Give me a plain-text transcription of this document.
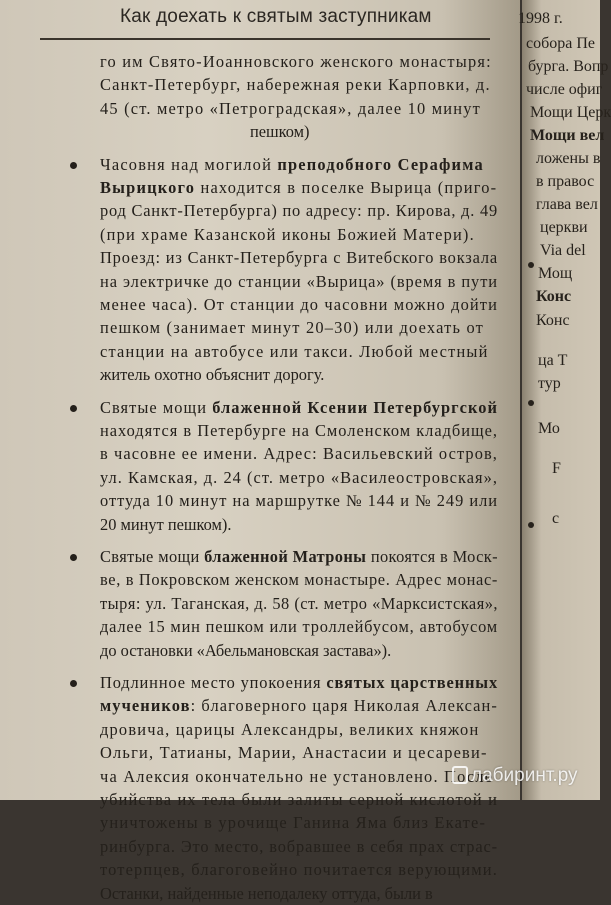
Как доехать к святым заступникам
го им Свято-Иоанновского женского монастыря:
Санкт-Петербург, набережная реки Карповки, д.
45 (ст. метро «Петроградская», далее 10 минут
пешком)
Часовня над могилой преподобного Серафима
Вырицкого находится в поселке Вырица (приго-
род Санкт-Петербурга) по адресу: пр. Кирова, д. 49
(при храме Казанской иконы Божией Матери).
Проезд: из Санкт-Петербурга с Витебского вокзала
на электричке до станции «Вырица» (время в пути
менее часа). От станции до часовни можно дойти
пешком (занимает минут 20–30) или доехать от
станции на автобусе или такси. Любой местный
житель охотно объяснит дорогу.
Святые мощи блаженной Ксении Петербургской
находятся в Петербурге на Смоленском кладбище,
в часовне ее имени. Адрес: Васильевский остров,
ул. Камская, д. 24 (ст. метро «Василеостровская»,
оттуда 10 минут на маршрутке № 144 и № 249 или
20 минут пешком).
Святые мощи блаженной Матроны покоятся в Моск-
ве, в Покровском женском монастыре. Адрес монас-
тыря: ул. Таганская, д. 58 (ст. метро «Марксистская»,
далее 15 мин пешком или троллейбусом, автобусом
до остановки «Абельмановская застава»).
Подлинное место упокоения святых царственных
мучеников: благоверного царя Николая Алексан-
дровича, царицы Александры, великих княжон
Ольги, Татианы, Марии, Анастасии и цесареви-
ча Алексия окончательно не установлено. После
убийства их тела были залиты серной кислотой и
уничтожены в урочище Ганина Яма близ Екате-
ринбурга. Это место, вобравшее в себя прах страс-
тотерпцев, благоговейно почитается верующими.
Останки, найденные неподалеку оттуда, были в
1998 г.
собора Пе
бурга. Вопр
числе офиг
Мощи Церк
Мощи вел
ложены в
в правос
глава вел
церкви
Via del
Мощ
Конс
Конс
ца Т
тур
Мо
F
с
лабиринт.ру
